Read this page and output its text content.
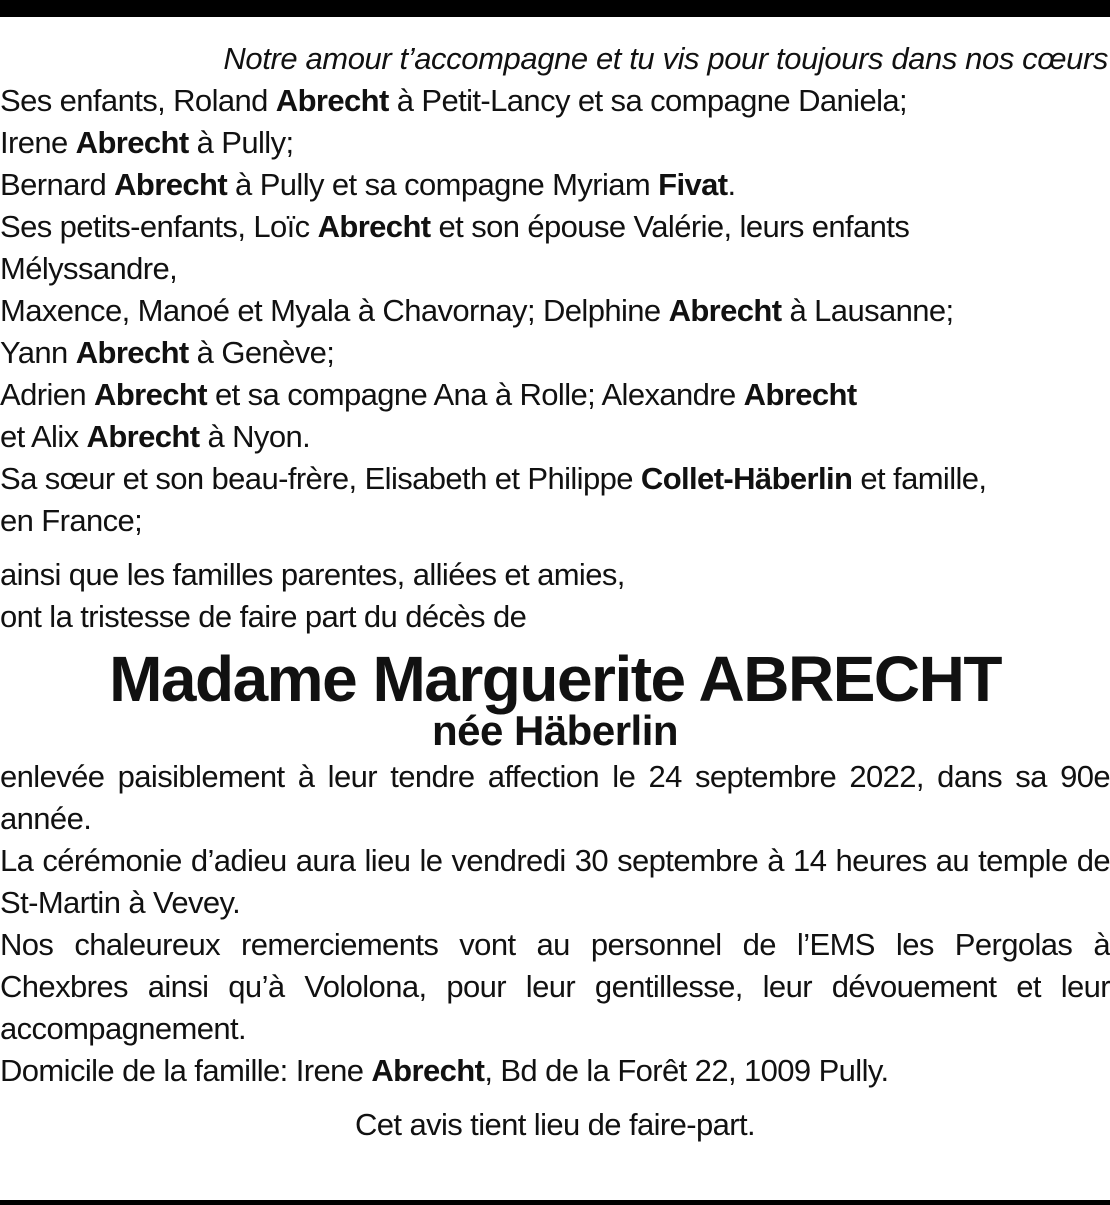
Notre amour t’accompagne et tu vis pour toujours dans nos cœurs

Ses enfants, Roland Abrecht à Petit-Lancy et sa compagne Daniela;

Irene Abrecht à Pully;

Bernard Abrecht à Pully et sa compagne Myriam Fivat.

Ses petits-enfants, Loïc Abrecht et son épouse Valérie, leurs enfants

Mélyssandre,

Maxence, Manoé et Myala à Chavornay; Delphine Abrecht à Lausanne;

Yann Abrecht à Genève;

Adrien Abrecht et sa compagne Ana à Rolle; Alexandre Abrecht

et Alix Abrecht à Nyon.

Sa sœur et son beau-frère, Elisabeth et Philippe Collet-Häberlin et famille,

en France;

ainsi que les familles parentes, alliées et amies,

ont la tristesse de faire part du décès de

Madame Marguerite ABRECHT
née Häberlin

enlevée paisiblement à leur tendre affection le 24 septembre 2022, dans sa 90e année.

La cérémonie d’adieu aura lieu le vendredi 30 septembre à 14 heures au temple de St-Martin à Vevey.

Nos chaleureux remerciements vont au personnel de l’EMS les Pergolas à Chexbres ainsi qu’à Vololona, pour leur gentillesse, leur dévouement et leur accompagnement.

Domicile de la famille: Irene Abrecht, Bd de la Forêt 22, 1009 Pully.

Cet avis tient lieu de faire-part.
